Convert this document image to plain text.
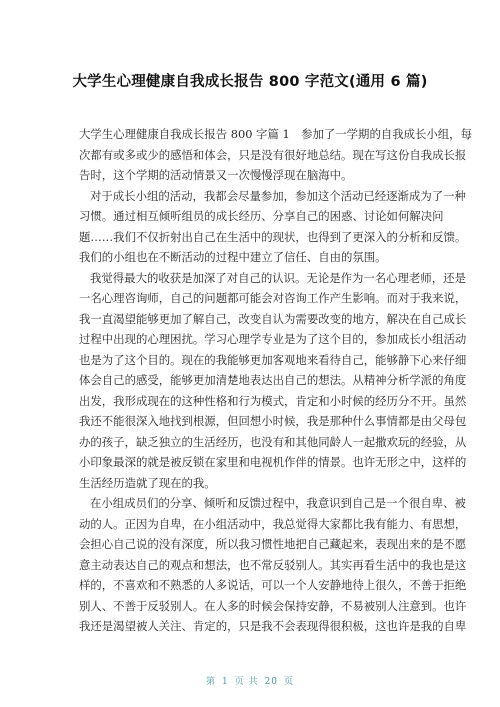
大学生心理健康自我成长报告 800 字范文(通用 6 篇)
大学生心理健康自我成长报告 800 字篇 1　参加了一学期的自我成长小组，每
次都有或多或少的感悟和体会，只是没有很好地总结。现在写这份自我成长报
告时，这个学期的活动情景又一次慢慢浮现在脑海中。
对于成长小组的活动，我都会尽量参加，参加这个活动已经逐渐成为了一种
习惯。通过相互倾听组员的成长经历、分享自己的困惑、讨论如何解决问
题……我们不仅折射出自己在生活中的现状，也得到了更深入的分析和反馈。
我们的小组也在不断活动的过程中建立了信任、自由的氛围。
我觉得最大的收获是加深了对自己的认识。无论是作为一名心理老师，还是
一名心理咨询师，自己的问题都可能会对咨询工作产生影响。而对于我来说，
我一直渴望能够更加了解自己，改变自认为需要改变的地方，解决在自己成长
过程中出现的心理困扰。学习心理学专业是为了这个目的，参加成长小组活动
也是为了这个目的。现在的我能够更加客观地来看待自己，能够静下心来仔细
体会自己的感受，能够更加清楚地表达出自己的想法。从精神分析学派的角度
出发，我形成现在的这种性格和行为模式，肯定和小时候的经历分不开。虽然
我还不能很深入地找到根源，但回想小时候，我是那种什么事情都是由父母包
办的孩子，缺乏独立的生活经历，也没有和其他同龄人一起撒欢玩的经验，从
小印象最深的就是被反锁在家里和电视机作伴的情景。也许无形之中，这样的
生活经历造就了现在的我。
在小组成员们的分享、倾听和反馈过程中，我意识到自己是一个很自卑、被
动的人。正因为自卑，在小组活动中，我总觉得大家都比我有能力、有思想，
会担心自己说的没有深度，所以我习惯性地把自己藏起来，表现出来的是不愿
意主动表达自己的观点和想法，也不常反驳别人。其实再看生活中的我也是这
样的，不喜欢和不熟悉的人多说话，可以一个人安静地待上很久，不善于拒绝
别人、不善于反驳别人。在人多的时候会保持安静，不易被别人注意到。也许
我还是渴望被人关注、肯定的，只是我不会表现得很积极，这也许是我的自卑
第 1 页 共 20 页
